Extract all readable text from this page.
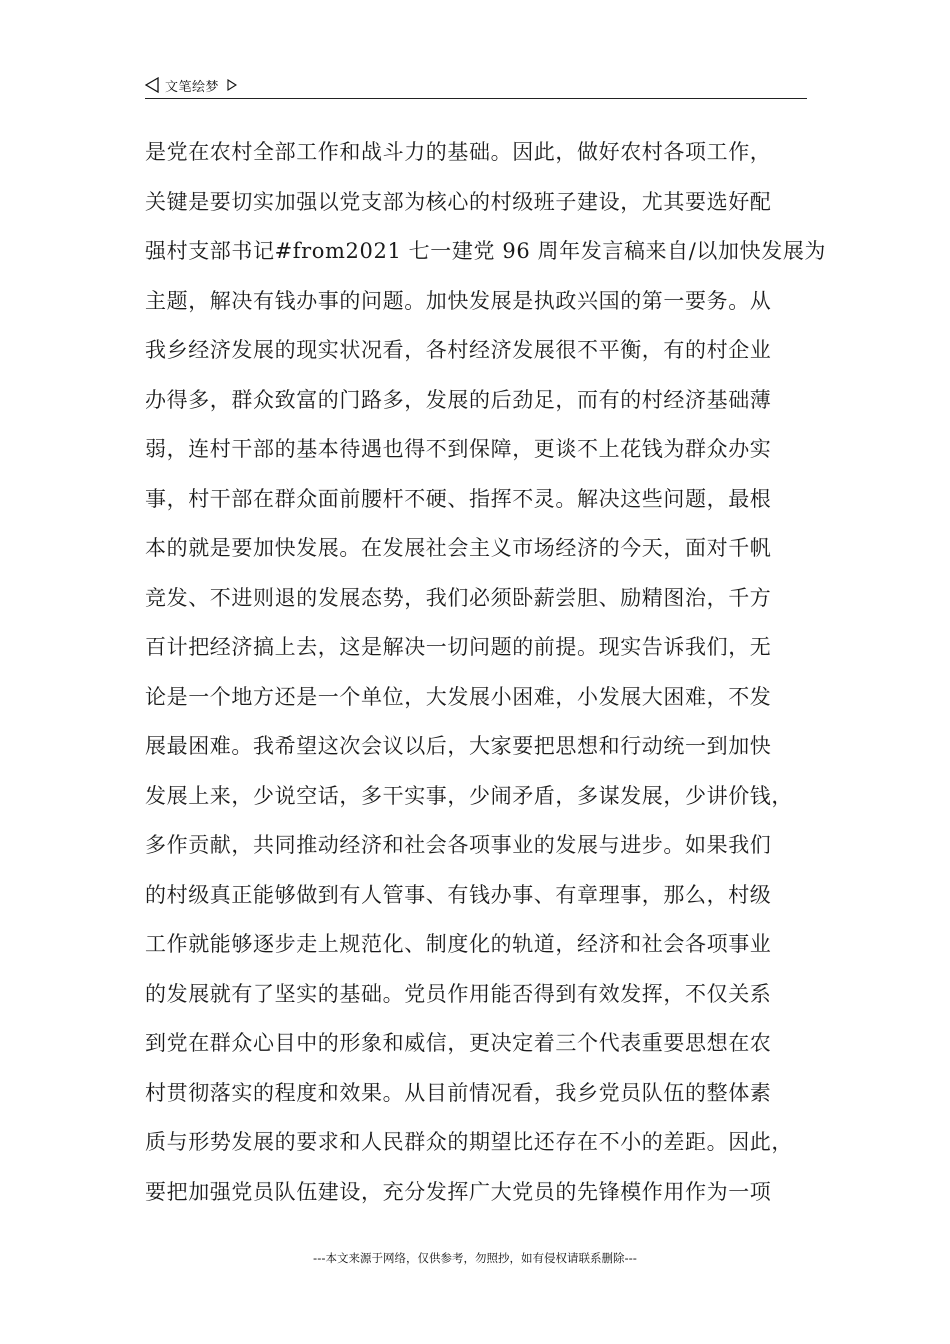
文笔绘梦
是党在农村全部工作和战斗力的基础。因此，做好农村各项工作，
关键是要切实加强以党支部为核心的村级班子建设，尤其要选好配
强村支部书记#from2021 七一建党 96 周年发言稿来自/以加快发展为
主题，解决有钱办事的问题。加快发展是执政兴国的第一要务。从
我乡经济发展的现实状况看，各村经济发展很不平衡，有的村企业
办得多，群众致富的门路多，发展的后劲足，而有的村经济基础薄
弱，连村干部的基本待遇也得不到保障，更谈不上花钱为群众办实
事，村干部在群众面前腰杆不硬、指挥不灵。解决这些问题，最根
本的就是要加快发展。在发展社会主义市场经济的今天，面对千帆
竞发、不进则退的发展态势，我们必须卧薪尝胆、励精图治，千方
百计把经济搞上去，这是解决一切问题的前提。现实告诉我们，无
论是一个地方还是一个单位，大发展小困难，小发展大困难，不发
展最困难。我希望这次会议以后，大家要把思想和行动统一到加快
发展上来，少说空话，多干实事，少闹矛盾，多谋发展，少讲价钱，
多作贡献，共同推动经济和社会各项事业的发展与进步。如果我们
的村级真正能够做到有人管事、有钱办事、有章理事，那么，村级
工作就能够逐步走上规范化、制度化的轨道，经济和社会各项事业
的发展就有了坚实的基础。党员作用能否得到有效发挥，不仅关系
到党在群众心目中的形象和威信，更决定着三个代表重要思想在农
村贯彻落实的程度和效果。从目前情况看，我乡党员队伍的整体素
质与形势发展的要求和人民群众的期望比还存在不小的差距。因此，
要把加强党员队伍建设，充分发挥广大党员的先锋模作用作为一项
---本文来源于网络，仅供参考，勿照抄，如有侵权请联系删除---
